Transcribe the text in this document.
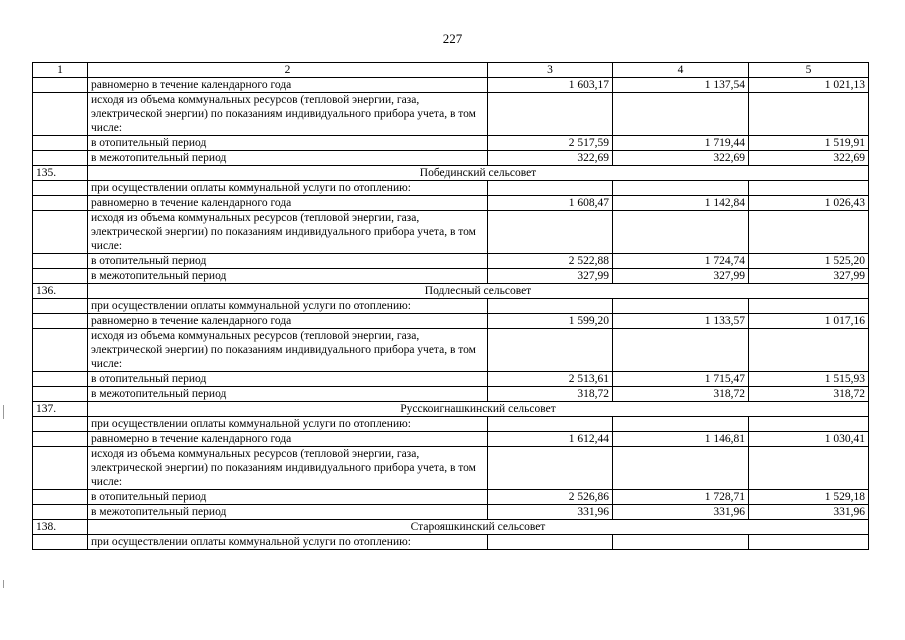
227
1	2	3	4	5
	равномерно в течение календарного года	1 603,17	1 137,54	1 021,13
	исходя из объема коммунальных ресурсов (тепловой энергии, газа, электрической энергии) по показаниям индивидуального прибора учета, в том числе:			
	в отопительный период	2 517,59	1 719,44	1 519,91
	в межотопительный период	322,69	322,69	322,69
135.	Побединский сельсовет			
	при осуществлении оплаты коммунальной услуги по отоплению:			
	равномерно в течение календарного года	1 608,47	1 142,84	1 026,43
	исходя из объема коммунальных ресурсов (тепловой энергии, газа, электрической энергии) по показаниям индивидуального прибора учета, в том числе:			
	в отопительный период	2 522,88	1 724,74	1 525,20
	в межотопительный период	327,99	327,99	327,99
136.	Подлесный сельсовет			
	при осуществлении оплаты коммунальной услуги по отоплению:			
	равномерно в течение календарного года	1 599,20	1 133,57	1 017,16
	исходя из объема коммунальных ресурсов (тепловой энергии, газа, электрической энергии) по показаниям индивидуального прибора учета, в том числе:			
	в отопительный период	2 513,61	1 715,47	1 515,93
	в межотопительный период	318,72	318,72	318,72
137.	Русскоигнашкинский сельсовет			
	при осуществлении оплаты коммунальной услуги по отоплению:			
	равномерно в течение календарного года	1 612,44	1 146,81	1 030,41
	исходя из объема коммунальных ресурсов (тепловой энергии, газа, электрической энергии) по показаниям индивидуального прибора учета, в том числе:			
	в отопительный период	2 526,86	1 728,71	1 529,18
	в межотопительный период	331,96	331,96	331,96
138.	Старояшкинский сельсовет			
	при осуществлении оплаты коммунальной услуги по отоплению:			
